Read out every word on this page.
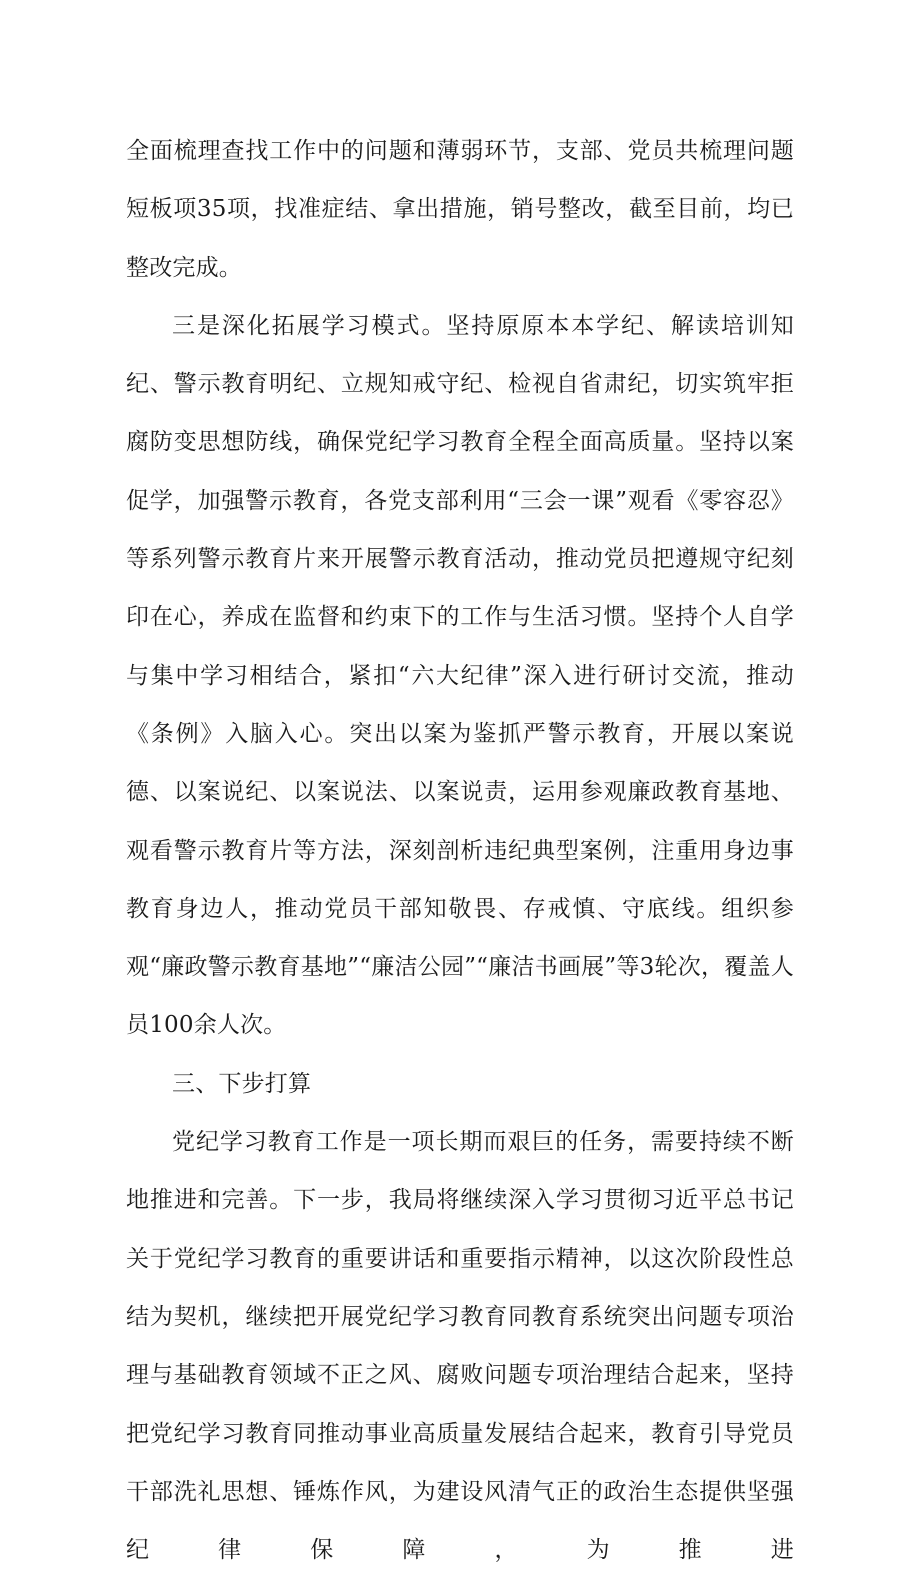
全面梳理查找工作中的问题和薄弱环节，支部、党员共梳理问题短板项35项，找准症结、拿出措施，销号整改，截至目前，均已整改完成。

三是深化拓展学习模式。坚持原原本本学纪、解读培训知纪、警示教育明纪、立规知戒守纪、检视自省肃纪，切实筑牢拒腐防变思想防线，确保党纪学习教育全程全面高质量。坚持以案促学，加强警示教育，各党支部利用“三会一课”观看《零容忍》等系列警示教育片来开展警示教育活动，推动党员把遵规守纪刻印在心，养成在监督和约束下的工作与生活习惯。坚持个人自学与集中学习相结合，紧扣“六大纪律”深入进行研讨交流，推动《条例》入脑入心。突出以案为鉴抓严警示教育，开展以案说德、以案说纪、以案说法、以案说责，运用参观廉政教育基地、观看警示教育片等方法，深刻剖析违纪典型案例，注重用身边事教育身边人，推动党员干部知敬畏、存戒慎、守底线。组织参观“廉政警示教育基地”“廉洁公园”“廉洁书画展”等3轮次，覆盖人员100余人次。

三、下步打算

党纪学习教育工作是一项长期而艰巨的任务，需要持续不断地推进和完善。下一步，我局将继续深入学习贯彻习近平总书记关于党纪学习教育的重要讲话和重要指示精神，以这次阶段性总结为契机，继续把开展党纪学习教育同教育系统突出问题专项治理与基础教育领域不正之风、腐败问题专项治理结合起来，坚持把党纪学习教育同推动事业高质量发展结合起来，教育引导党员干部洗礼思想、锤炼作风，为建设风清气正的政治生态提供坚强纪律保障，为推进
